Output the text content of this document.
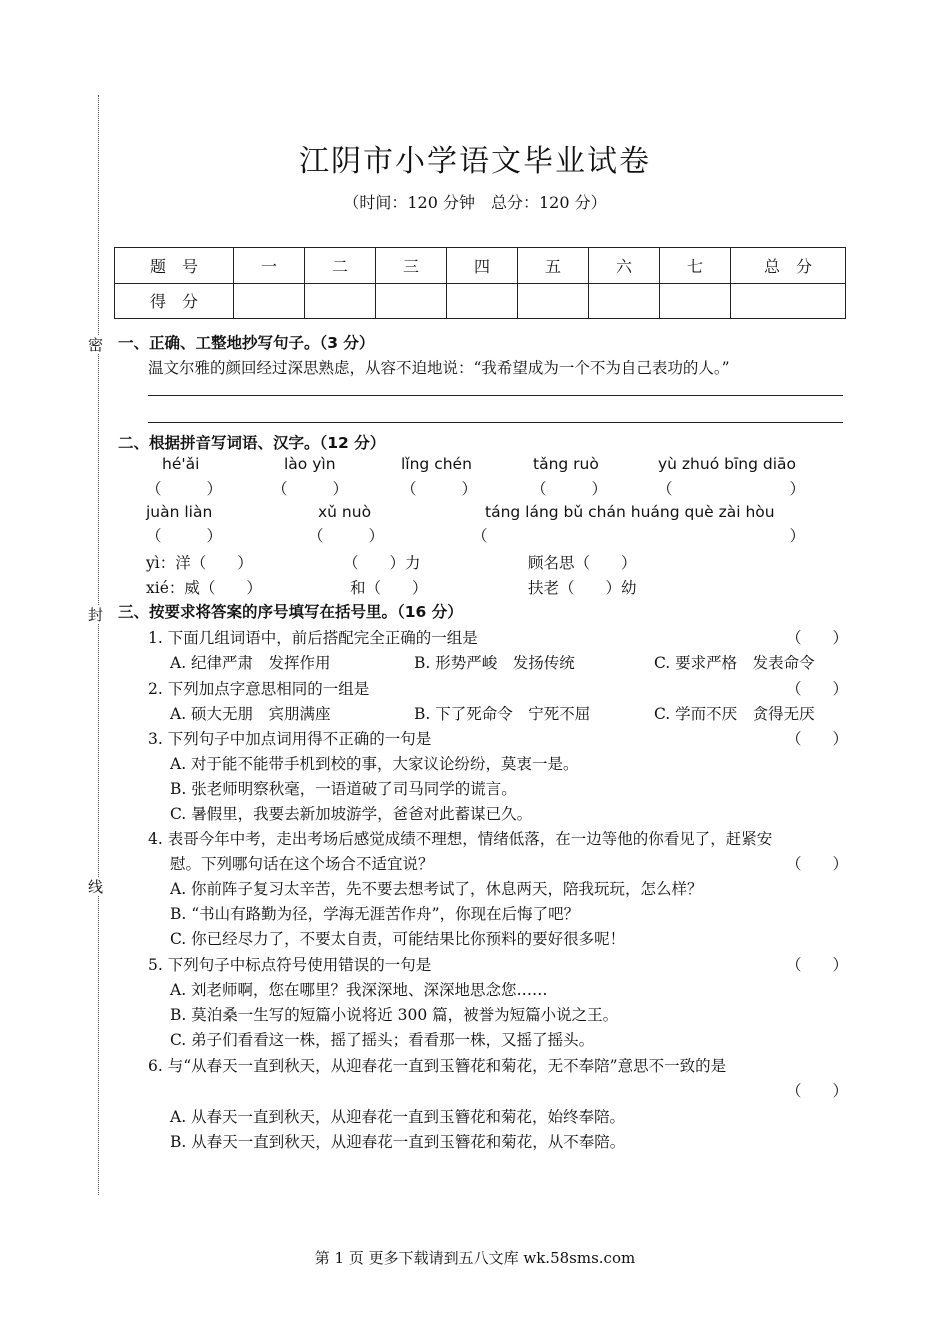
密
封
线
江阴市小学语文毕业试卷
（时间：120 分钟　总分：120 分）
题　号	一	二	三	四	五	六	七	总　分
得　分								
一、正确、工整地抄写句子。（3 分）
温文尔雅的颜回经过深思熟虑，从容不迫地说：“我希望成为一个不为自己表功的人。”
二、根据拼音写词语、汉字。（12 分）
hé'ǎi	lào yìn	lǐng chén	tǎng ruò	yù zhuó bīng diāo
（	）	（	）	（	）	（	）	（	）
juàn liàn	xǔ nuò	táng láng bǔ chán huáng què zài hòu
（	）	（	）	（	）
yì：洋（　　）	（　　）力	顾名思（　　）
xié：威（　　）	和（　　）	扶老（　　）幼
三、按要求将答案的序号填写在括号里。（16 分）
1. 下面几组词语中，前后搭配完全正确的一组是	（　　）
A. 纪律严肃　发挥作用	B. 形势严峻　发扬传统	C. 要求严格　发表命令
2. 下列加点字意思相同的一组是	（　　）
A. 硕大无朋　宾朋满座	B. 下了死命令　宁死不屈	C. 学而不厌　贪得无厌
3. 下列句子中加点词用得不正确的一句是	（　　）
A. 对于能不能带手机到校的事，大家议论纷纷，莫衷一是。
B. 张老师明察秋毫，一语道破了司马同学的谎言。
C. 暑假里，我要去新加坡游学，爸爸对此蓄谋已久。
4. 表哥今年中考，走出考场后感觉成绩不理想，情绪低落，在一边等他的你看见了，赶紧安
慰。下列哪句话在这个场合不适宜说？	（　　）
A. 你前阵子复习太辛苦，先不要去想考试了，休息两天，陪我玩玩，怎么样？
B. “书山有路勤为径，学海无涯苦作舟”，你现在后悔了吧？
C. 你已经尽力了，不要太自责，可能结果比你预料的要好很多呢！
5. 下列句子中标点符号使用错误的一句是	（　　）
A. 刘老师啊，您在哪里？我深深地、深深地思念您……
B. 莫泊桑一生写的短篇小说将近 300 篇，被誉为短篇小说之王。
C. 弟子们看看这一株，摇了摇头；看看那一株，又摇了摇头。
6. 与“从春天一直到秋天，从迎春花一直到玉簪花和菊花，无不奉陪”意思不一致的是
（　　）
A. 从春天一直到秋天，从迎春花一直到玉簪花和菊花，始终奉陪。
B. 从春天一直到秋天，从迎春花一直到玉簪花和菊花，从不奉陪。
第 1 页 更多下载请到五八文库 wk.58sms.com
